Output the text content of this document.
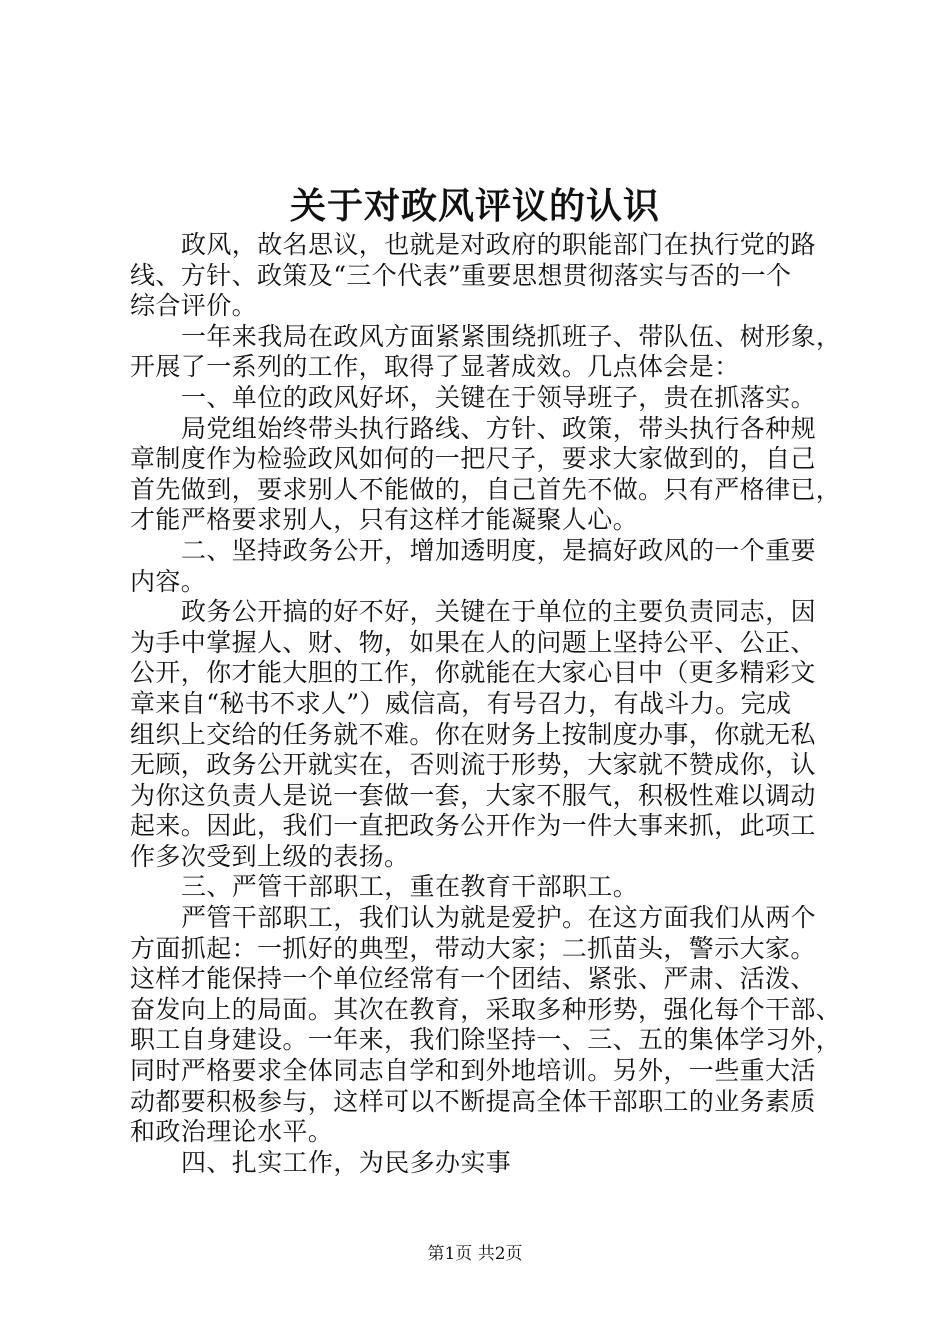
关于对政风评议的认识
政风，故名思议，也就是对政府的职能部门在执行党的路
线、方针、政策及“三个代表”重要思想贯彻落实与否的一个
综合评价。
一年来我局在政风方面紧紧围绕抓班子、带队伍、树形象，
开展了一系列的工作，取得了显著成效。几点体会是：
一、单位的政风好坏，关键在于领导班子，贵在抓落实。
局党组始终带头执行路线、方针、政策，带头执行各种规
章制度作为检验政风如何的一把尺子，要求大家做到的，自己
首先做到，要求别人不能做的，自己首先不做。只有严格律已，
才能严格要求别人，只有这样才能凝聚人心。
二、坚持政务公开，增加透明度，是搞好政风的一个重要
内容。
政务公开搞的好不好，关键在于单位的主要负责同志，因
为手中掌握人、财、物，如果在人的问题上坚持公平、公正、
公开，你才能大胆的工作，你就能在大家心目中（更多精彩文
章来自“秘书不求人”）威信高，有号召力，有战斗力。完成
组织上交给的任务就不难。你在财务上按制度办事，你就无私
无顾，政务公开就实在，否则流于形势，大家就不赞成你，认
为你这负责人是说一套做一套，大家不服气，积极性难以调动
起来。因此，我们一直把政务公开作为一件大事来抓，此项工
作多次受到上级的表扬。
三、严管干部职工，重在教育干部职工。
严管干部职工，我们认为就是爱护。在这方面我们从两个
方面抓起：一抓好的典型，带动大家；二抓苗头，警示大家。
这样才能保持一个单位经常有一个团结、紧张、严肃、活泼、
奋发向上的局面。其次在教育，采取多种形势，强化每个干部、
职工自身建设。一年来，我们除坚持一、三、五的集体学习外，
同时严格要求全体同志自学和到外地培训。另外，一些重大活
动都要积极参与，这样可以不断提高全体干部职工的业务素质
和政治理论水平。
四、扎实工作，为民多办实事
第1页 共2页
